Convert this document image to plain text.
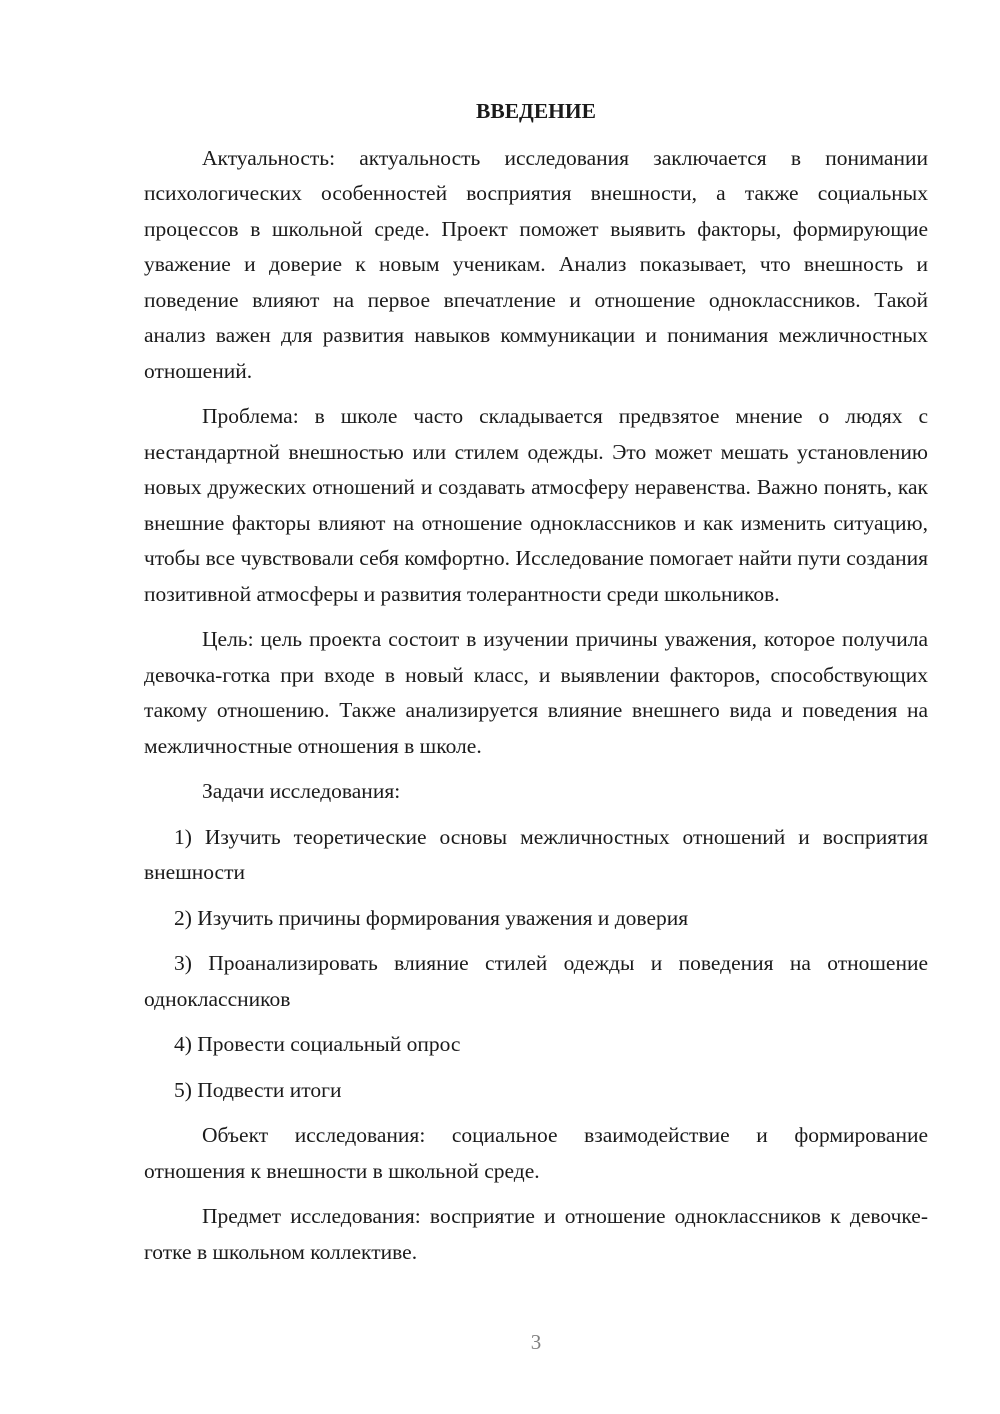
ВВЕДЕНИЕ

Актуальность: актуальность исследования заключается в понимании психологических особенностей восприятия внешности, а также социальных процессов в школьной среде. Проект поможет выявить факторы, формирующие уважение и доверие к новым ученикам. Анализ показывает, что внешность и поведение влияют на первое впечатление и отношение одноклассников. Такой анализ важен для развития навыков коммуникации и понимания межличностных отношений.

Проблема: в школе часто складывается предвзятое мнение о людях с нестандартной внешностью или стилем одежды. Это может мешать установлению новых дружеских отношений и создавать атмосферу неравенства. Важно понять, как внешние факторы влияют на отношение одноклассников и как изменить ситуацию, чтобы все чувствовали себя комфортно. Исследование помогает найти пути создания позитивной атмосферы и развития толерантности среди школьников.

Цель: цель проекта состоит в изучении причины уважения, которое получила девочка-готка при входе в новый класс, и выявлении факторов, способствующих такому отношению. Также анализируется влияние внешнего вида и поведения на межличностные отношения в школе.

Задачи исследования:

1) Изучить теоретические основы межличностных отношений и восприятия внешности

2) Изучить причины формирования уважения и доверия

3) Проанализировать влияние стилей одежды и поведения на отношение одноклассников

4) Провести социальный опрос

5) Подвести итоги

Объект исследования: социальное взаимодействие и формирование отношения к внешности в школьной среде.

Предмет исследования: восприятие и отношение одноклассников к девочке-готке в школьном коллективе.

3
